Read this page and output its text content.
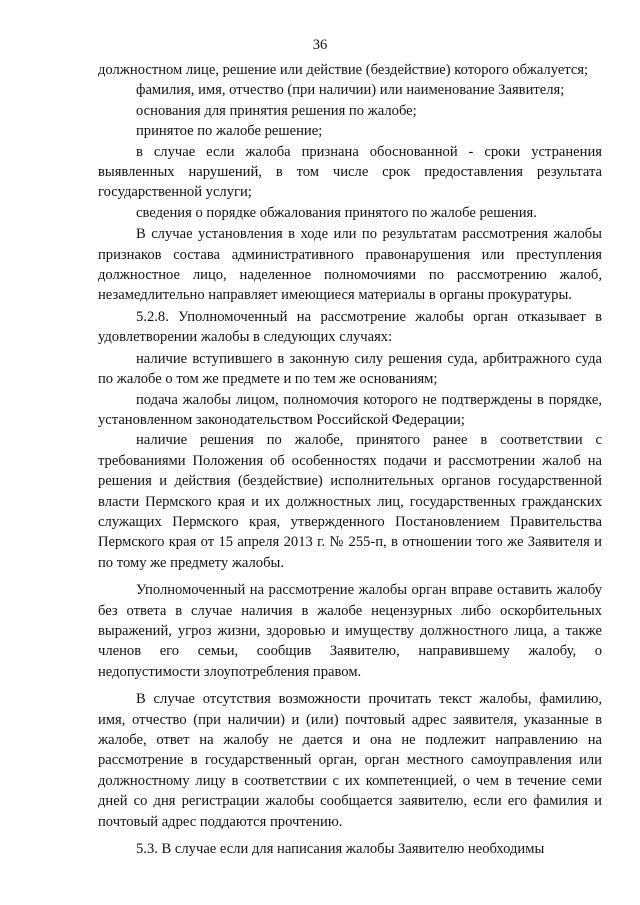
36

должностном лице, решение или действие (бездействие) которого обжалуется;

фамилия, имя, отчество (при наличии) или наименование Заявителя;

основания для принятия решения по жалобе;

принятое по жалобе решение;

в случае если жалоба признана обоснованной - сроки устранения выявленных нарушений, в том числе срок предоставления результата государственной услуги;

сведения о порядке обжалования принятого по жалобе решения.

В случае установления в ходе или по результатам рассмотрения жалобы признаков состава административного правонарушения или преступления должностное лицо, наделенное полномочиями по рассмотрению жалоб, незамедлительно направляет имеющиеся материалы в органы прокуратуры.

5.2.8. Уполномоченный на рассмотрение жалобы орган отказывает в удовлетворении жалобы в следующих случаях:

наличие вступившего в законную силу решения суда, арбитражного суда по жалобе о том же предмете и по тем же основаниям;

подача жалобы лицом, полномочия которого не подтверждены в порядке, установленном законодательством Российской Федерации;

наличие решения по жалобе, принятого ранее в соответствии с требованиями Положения об особенностях подачи и рассмотрении жалоб на решения и действия (бездействие) исполнительных органов государственной власти Пермского края и их должностных лиц, государственных гражданских служащих Пермского края, утвержденного Постановлением Правительства Пермского края от 15 апреля 2013 г. № 255-п, в отношении того же Заявителя и по тому же предмету жалобы.

Уполномоченный на рассмотрение жалобы орган вправе оставить жалобу без ответа в случае наличия в жалобе нецензурных либо оскорбительных выражений, угроз жизни, здоровью и имуществу должностного лица, а также членов его семьи, сообщив Заявителю, направившему жалобу, о недопустимости злоупотребления правом.

В случае отсутствия возможности прочитать текст жалобы, фамилию, имя, отчество (при наличии) и (или) почтовый адрес заявителя, указанные в жалобе, ответ на жалобу не дается и она не подлежит направлению на рассмотрение в государственный орган, орган местного самоуправления или должностному лицу в соответствии с их компетенцией, о чем в течение семи дней со дня регистрации жалобы сообщается заявителю, если его фамилия и почтовый адрес поддаются прочтению.

5.3. В случае если для написания жалобы Заявителю необходимы
